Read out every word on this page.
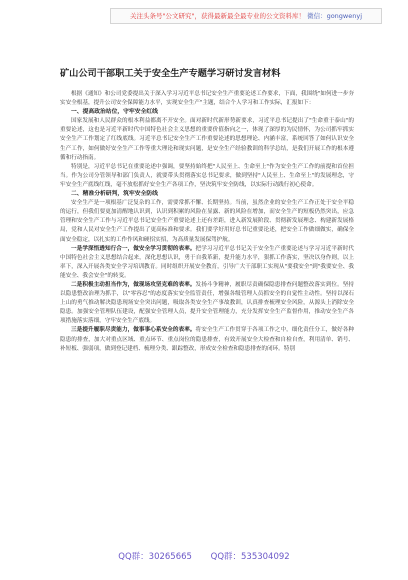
关注头条号"公文研究"，获得最新最全最专业的公文资料库！ 微信：gongwenyj
矿山公司干部职工关于安全生产专题学习研讨发言材料

根据《通知》和公司党委提出关于深入学习习近平总书记安全生产重要论述工作要求，下面，我围绕"如何进一步夯实安全根基，提升公司安全保障能力水平，实现安全生产"主题，结合个人学习和工作实际，汇报如下：

一、提高政治站位，守牢安全红线

国家发展和人民群众的根本利益都离不开安全。面对新时代新形势新要求，习近平总书记提出了"生命重于泰山"的重要论述，这也是习近平新时代中国特色社会主义思想的重要价值指向之一，体现了深厚的为民情怀，为公司抓牢抓实安全生产工作划定了红线底线。习近平总书记安全生产工作重要论述的思想理论、内涵丰富，系统回答了如何认识安全生产工作，如何做好安全生产工作等重大理论和现实问题，是安全生产经验教训的科学总结，是我们开展工作的根本遵循和行动指南。

特别是，习近平总书记在重要论述中强调，要坚持始终把"人民至上、生命至上"作为安全生产工作的前提和首位担当。作为公司分管领导和部门负责人，就要带头贯彻落实总书记要求，做到坚持"人民至上、生命至上"的发展理念，守牢安全生产底线红线，毫不放松抓好安全生产各项工作，坚决筑牢安全防线，以实际行动践行初心使命。

二、精准分析研判，筑牢安全防线

安全生产是一项根基广泛复杂的工作，需要常抓不懈、长期坚持。当前，虽然企业的安全生产工作正处于安全平稳的运行，但我们要更加清醒地认识到，认识到积累的风险在显露、新的风险在增加，而安全生产的短板仍然突出，应急管理和安全生产工作与习近平总书记安全生产重要论述上还有差距，进入新发展阶段、贯彻新发展理念、构建新发展格局，党和人民对安全生产工作提出了更高标准和要求。我们要学好用好总书记重要论述，把安全工作做细做实，确保全面安全稳定，以扎实的工作作风和硬招实招，为高质量发展保驾护航。

一是学深悟透知行合一，做安全学习贯彻的表率。把学习习近平总书记关于安全生产重要论述与学习习近平新时代中国特色社会主义思想结合起来，深化思想认识，勇于自我革新，提升能力水平，狠抓工作落实，坚决以身作则，以上率下，深入开展各类安全学习培训教育。同时组织开展安全教育，引导广大干部职工实现从"要我安全"到"我要安全、我能安全、我会安全"的转变。

二是积极主动担当作为，做现场攻坚克难的表率。发扬斗争精神，履职尽责确保隐患排查问题整改落实到位。坚持以隐患整改治理为抓手，以"零容忍"的态度落实安全监管责任，增强各级管理人员抓安全的自觉性主动性。坚持以深石上山的勇气推动解决隐患现场安全突出问题，吸取各类安全生产事故教训，认真排查梳理安全风险，从源头上消除安全隐患。加强安全管理队伍建设，配强安全管理人员，提升安全管理能力，充分发挥安全生产监督作用，推动安全生产各项措施落实落细，守牢安全生产底线。

三是提升履职尽责能力，做事事心系安全的表率。将安全生产工作贯穿于各项工作之中，细化责任分工，做好各种隐患的排查，加大对重点区域、重点环节、重点岗位的隐患排查，有效开展安全大检查和自检自查，利用清单、销号、补短板、强弱项，做到登记建档、梳理分类、跟踪整改，形成安全检查和隐患排查的闭环。特别

QQ群：30265665 QQ群：535304092
